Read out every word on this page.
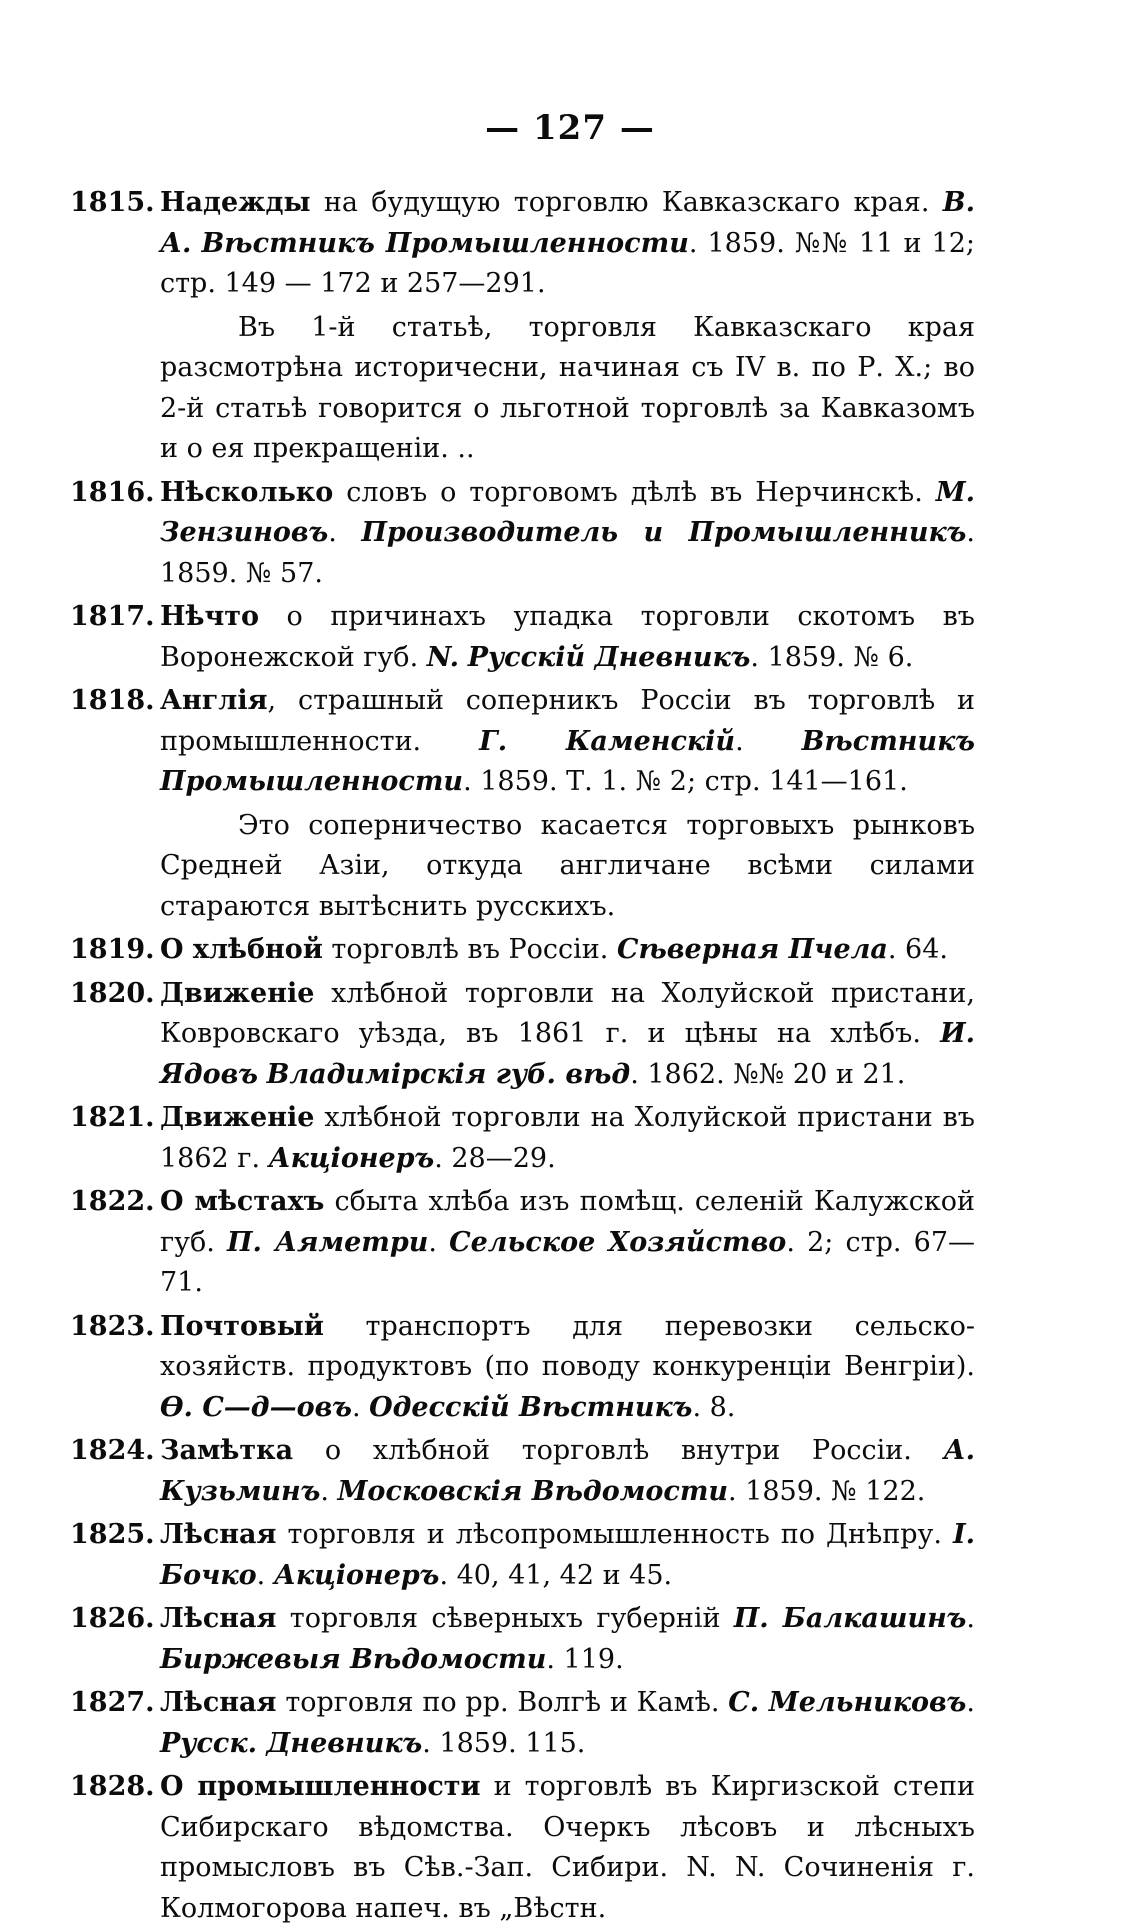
— 127 —
1815. Надежды на будущую торговлю Кавказскаго края. В. А. Вѣстникъ Промышленности. 1859. №№ 11 и 12; стр. 149 — 172 и 257—291.
Въ 1-й статьѣ, торговля Кавказскаго края разсмотрѣна историчесни, начиная съ IV в. по Р. Х.; во 2-й статьѣ говорится о льготной торговлѣ за Кавказомъ и о ея прекращеніи. ..
1816. Нѣсколько словъ о торговомъ дѣлѣ въ Нерчинскѣ. М. Зензиновъ. Производитель и Промышленникъ. 1859. № 57.
1817. Нѣчто о причинахъ упадка торговли скотомъ въ Воронежской губ. N. Русскій Дневникъ. 1859. № 6.
1818. Англія, страшный соперникъ Россіи въ торговлѣ и промышленности. Г. Каменскій. Вѣстникъ Промышленности. 1859. Т. 1. № 2; стр. 141—161.
Это соперничество касается торговыхъ рынковъ Средней Азіи, откуда англичане всѣми силами стараются вытѣснить русскихъ.
1819. О хлѣбной торговлѣ въ Россіи. Сѣверная Пчела. 64.
1820. Движеніе хлѣбной торговли на Холуйской пристани, Ковровскаго уѣзда, въ 1861 г. и цѣны на хлѣбъ. И. Ядовъ Владимірскія губ. вѣд. 1862. №№ 20 и 21.
1821. Движеніе хлѣбной торговли на Холуйской пристани въ 1862 г. Акціонеръ. 28—29.
1822. О мѣстахъ сбыта хлѣба изъ помѣщ. селеній Калужской губ. П. Аяметри. Сельское Хозяйство. 2; стр. 67—71.
1823. Почтовый транспортъ для перевозки сельско-хозяйств. продуктовъ (по поводу конкуренціи Венгріи). Ѳ. С—д—овъ. Одесскій Вѣстникъ. 8.
1824. Замѣтка о хлѣбной торговлѣ внутри Россіи. А. Кузьминъ. Московскія Вѣдомости. 1859. № 122.
1825. Лѣсная торговля и лѣсопромышленность по Днѣпру. І. Бочко. Акціонеръ. 40, 41, 42 и 45.
1826. Лѣсная торговля сѣверныхъ губерній П. Балкашинъ. Биржевыя Вѣдомости. 119.
1827. Лѣсная торговля по рр. Волгѣ и Камѣ. С. Мельниковъ. Русск. Дневникъ. 1859. 115.
1828. О промышленности и торговлѣ въ Киргизской степи Сибирскаго вѣдомства. Очеркъ лѣсовъ и лѣсныхъ промысловъ въ Сѣв.-Зап. Сибири. N. N. Сочиненія г. Колмогорова напеч. въ „Вѣстн.
